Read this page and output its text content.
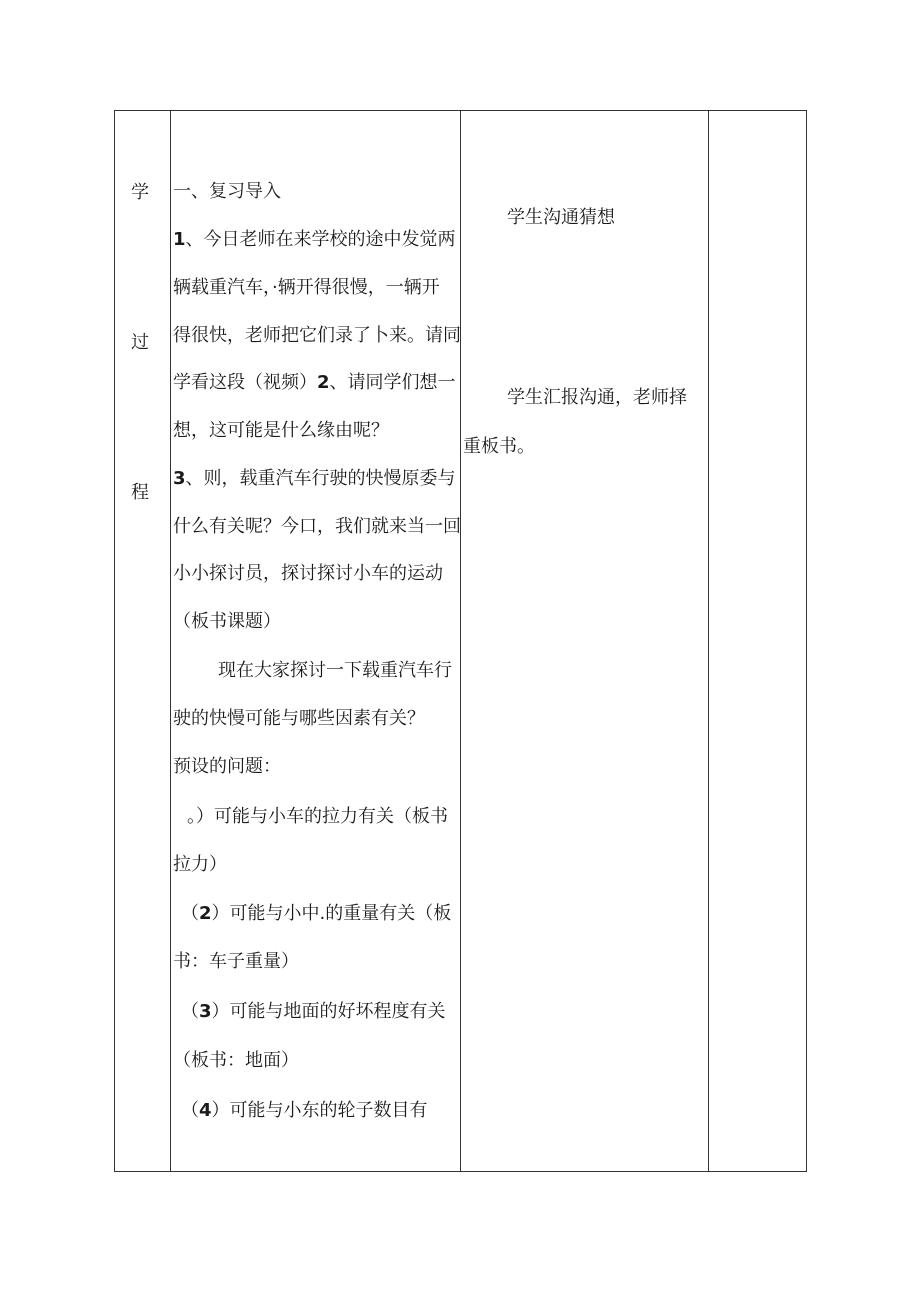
学
过
程
一、复习导入
1、今日老师在来学校的途中发觉两
辆载重汽车，·辆开得很慢，一辆开
得很快，老师把它们录了卜来。请同
学看这段（视频）2、请同学们想一
想，这可能是什么缘由呢？
3、则，载重汽车行驶的快慢原委与
什么有关呢？今口，我们就来当一回
小小探讨员，探讨探讨小车的运动
（板书课题）
现在大家探讨一下载重汽车行
驶的快慢可能与哪些因素有关？
预设的问题：
。）可能与小车的拉力有关（板书
拉力）
（2）可能与小中.的重量有关（板
书：车子重量）
（3）可能与地面的好坏程度有关
（板书：地面）
（4）可能与小东的轮子数目有
学生沟通猜想
学生汇报沟通，老师择
重板书。
